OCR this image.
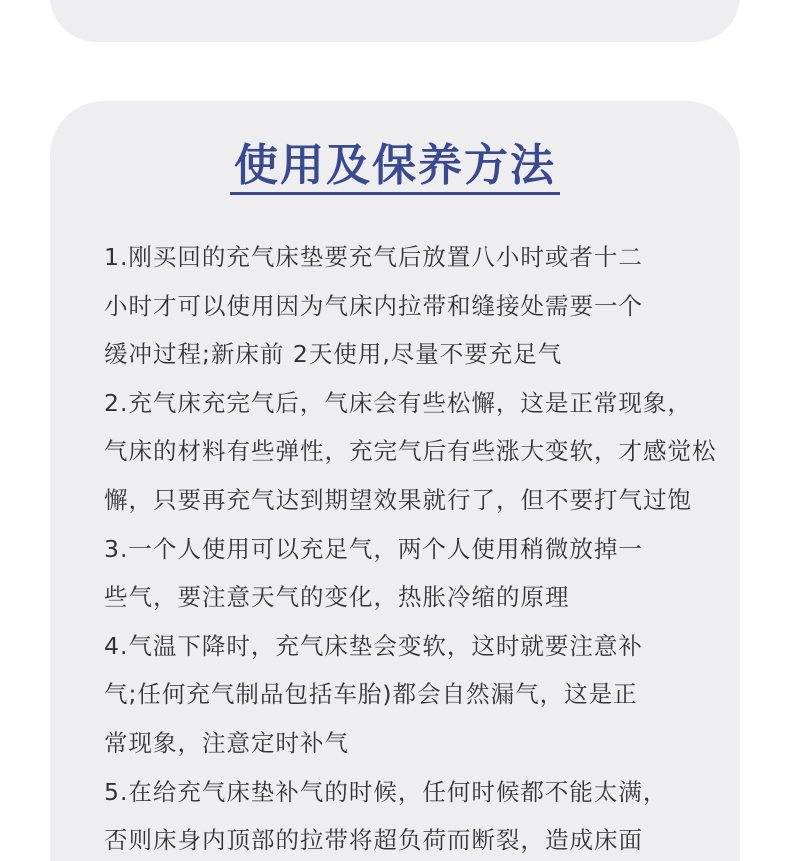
使用及保养方法
1.刚买回的充气床垫要充气后放置八小时或者十二
小时才可以使用因为气床内拉带和缝接处需要一个
缓冲过程;新床前 2天使用,尽量不要充足气
2.充气床充完气后，气床会有些松懈，这是正常现象，
气床的材料有些弹性，充完气后有些涨大变软，才感觉松
懈，只要再充气达到期望效果就行了，但不要打气过饱
3.一个人使用可以充足气，两个人使用稍微放掉一
些气，要注意天气的变化，热胀冷缩的原理
4.气温下降时，充气床垫会变软，这时就要注意补
气;任何充气制品包括车胎)都会自然漏气，这是正
常现象，注意定时补气
5.在给充气床垫补气的时候，任何时候都不能太满，
否则床身内顶部的拉带将超负荷而断裂，造成床面
